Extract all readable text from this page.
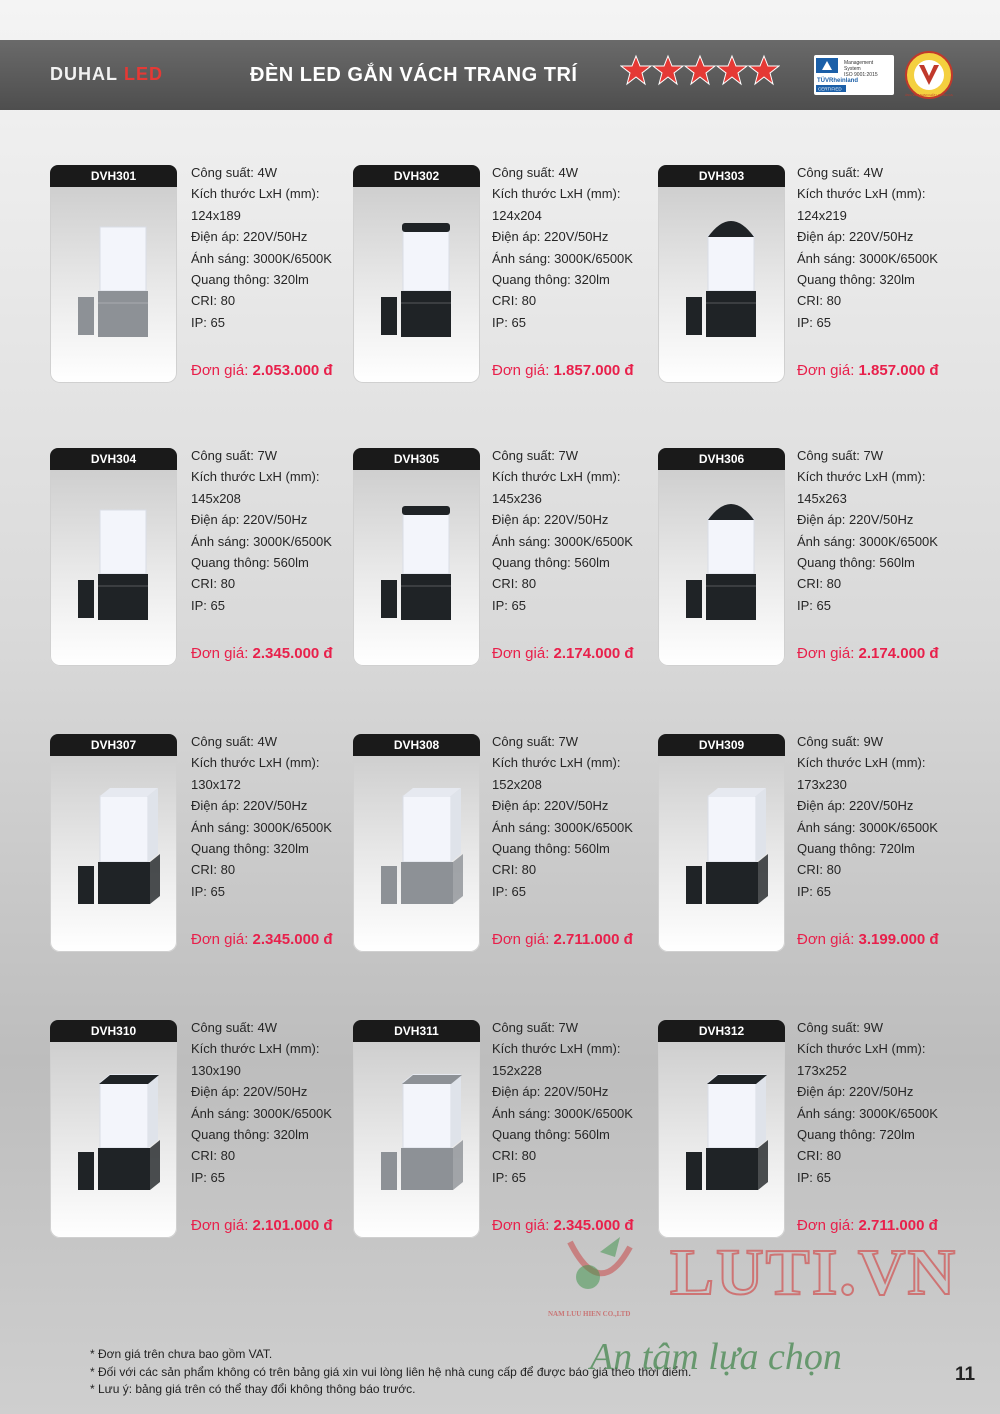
DUHAL LED	ĐÈN LED GẮN VÁCH TRANG TRÍ
Management
System
ISO 9001:2015
TÜVRheinland
CERTIFIED
HÀNG VIỆT NAM CHẤT LƯỢNG CAO
DVH301	Công suất: 4W
Kích thước LxH (mm):
124x189
Điện áp: 220V/50Hz
Ánh sáng: 3000K/6500K
Quang thông: 320lm
CRI: 80
IP: 65
Đơn giá: 2.053.000 đ
DVH302	Công suất: 4W
Kích thước LxH (mm):
124x204
Điện áp: 220V/50Hz
Ánh sáng: 3000K/6500K
Quang thông: 320lm
CRI: 80
IP: 65
Đơn giá: 1.857.000 đ
DVH303	Công suất: 4W
Kích thước LxH (mm):
124x219
Điện áp: 220V/50Hz
Ánh sáng: 3000K/6500K
Quang thông: 320lm
CRI: 80
IP: 65
Đơn giá: 1.857.000 đ
DVH304	Công suất: 7W
Kích thước LxH (mm):
145x208
Điện áp: 220V/50Hz
Ánh sáng: 3000K/6500K
Quang thông: 560lm
CRI: 80
IP: 65
Đơn giá: 2.345.000 đ
DVH305	Công suất: 7W
Kích thước LxH (mm):
145x236
Điện áp: 220V/50Hz
Ánh sáng: 3000K/6500K
Quang thông: 560lm
CRI: 80
IP: 65
Đơn giá: 2.174.000 đ
DVH306	Công suất: 7W
Kích thước LxH (mm):
145x263
Điện áp: 220V/50Hz
Ánh sáng: 3000K/6500K
Quang thông: 560lm
CRI: 80
IP: 65
Đơn giá: 2.174.000 đ
DVH307	Công suất: 4W
Kích thước LxH (mm):
130x172
Điện áp: 220V/50Hz
Ánh sáng: 3000K/6500K
Quang thông: 320lm
CRI: 80
IP: 65
Đơn giá: 2.345.000 đ
DVH308	Công suất: 7W
Kích thước LxH (mm):
152x208
Điện áp: 220V/50Hz
Ánh sáng: 3000K/6500K
Quang thông: 560lm
CRI: 80
IP: 65
Đơn giá: 2.711.000 đ
DVH309	Công suất: 9W
Kích thước LxH (mm):
173x230
Điện áp: 220V/50Hz
Ánh sáng: 3000K/6500K
Quang thông: 720lm
CRI: 80
IP: 65
Đơn giá: 3.199.000 đ
DVH310	Công suất: 4W
Kích thước LxH (mm):
130x190
Điện áp: 220V/50Hz
Ánh sáng: 3000K/6500K
Quang thông: 320lm
CRI: 80
IP: 65
Đơn giá: 2.101.000 đ
DVH311	Công suất: 7W
Kích thước LxH (mm):
152x228
Điện áp: 220V/50Hz
Ánh sáng: 3000K/6500K
Quang thông: 560lm
CRI: 80
IP: 65
Đơn giá: 2.345.000 đ
DVH312	Công suất: 9W
Kích thước LxH (mm):
173x252
Điện áp: 220V/50Hz
Ánh sáng: 3000K/6500K
Quang thông: 720lm
CRI: 80
IP: 65
Đơn giá: 2.711.000 đ
LUTI.VN
NAM LUU HIEN CO.,LTD
* Đơn giá trên chưa bao gồm VAT.
* Đối với các sản phẩm không có trên bảng giá xin vui lòng liên hệ nhà cung cấp để được báo giá theo thời điểm.
* Lưu ý: bảng giá trên có thể thay đổi không thông báo trước.
An tâm lựa chọn	11
